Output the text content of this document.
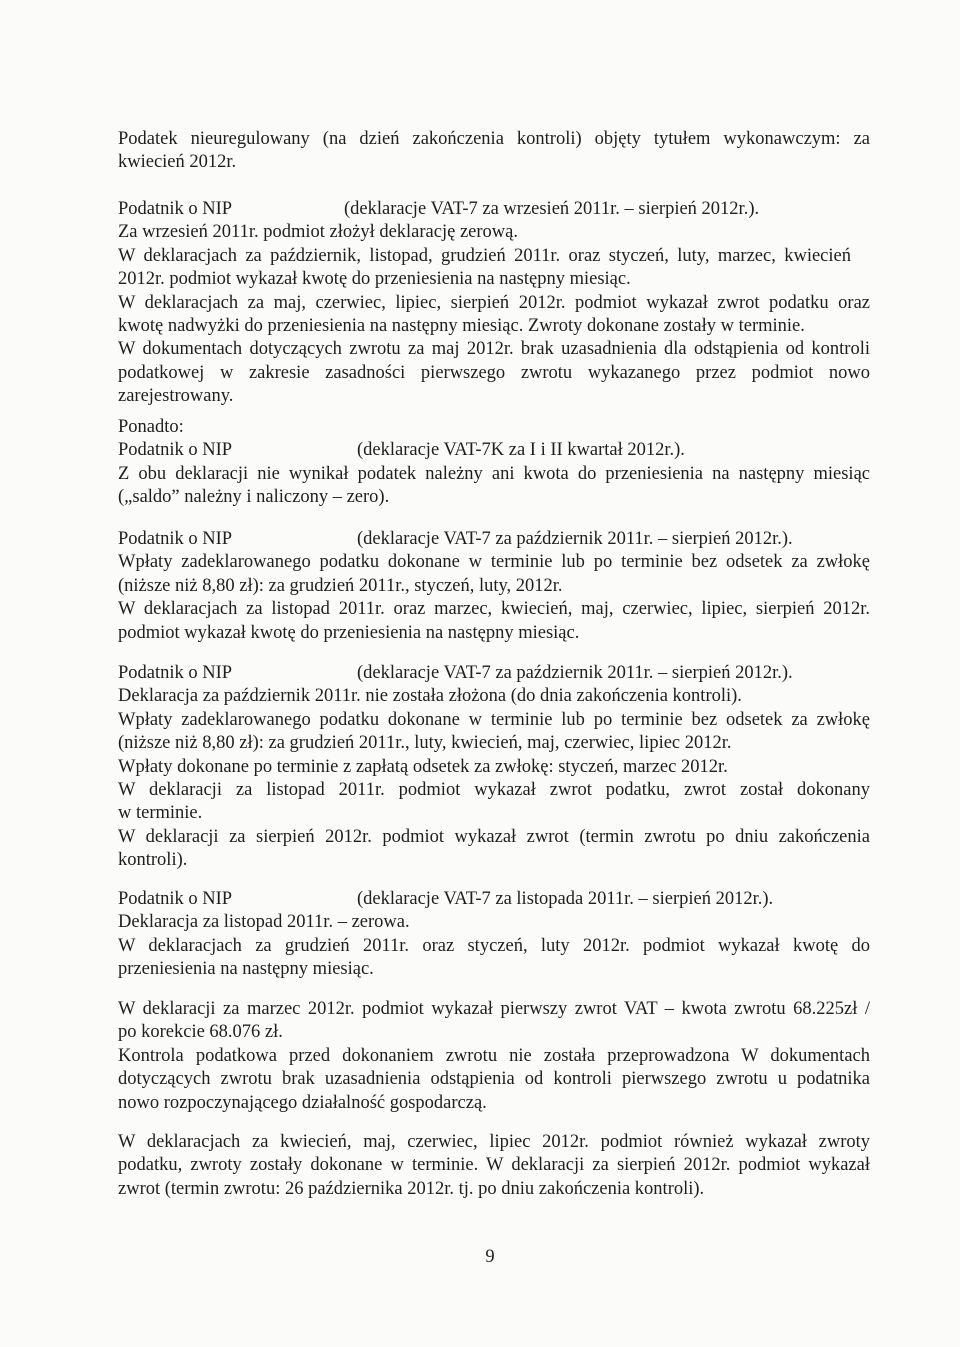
Podatek nieuregulowany (na dzień zakończenia kontroli) objęty tytułem wykonawczym: za
kwiecień 2012r.
Podatnik o NIP	(deklaracje VAT-7 za wrzesień 2011r. – sierpień 2012r.).
Za wrzesień 2011r. podmiot złożył deklarację zerową.
W deklaracjach za październik, listopad, grudzień 2011r. oraz styczeń, luty, marzec, kwiecień
2012r. podmiot wykazał kwotę do przeniesienia na następny miesiąc.
W deklaracjach za maj, czerwiec, lipiec, sierpień 2012r. podmiot wykazał zwrot podatku oraz
kwotę nadwyżki do przeniesienia na następny miesiąc. Zwroty dokonane zostały w terminie.
W dokumentach dotyczących zwrotu za maj 2012r. brak uzasadnienia dla odstąpienia od kontroli
podatkowej w zakresie zasadności pierwszego zwrotu wykazanego przez podmiot nowo
zarejestrowany.
Ponadto:
Podatnik o NIP	(deklaracje VAT-7K za I i II kwartał 2012r.).
Z obu deklaracji nie wynikał podatek należny ani kwota do przeniesienia na następny miesiąc
(„saldo” należny i naliczony – zero).
Podatnik o NIP	(deklaracje VAT-7 za październik 2011r. – sierpień 2012r.).
Wpłaty zadeklarowanego podatku dokonane w terminie lub po terminie bez odsetek za zwłokę
(niższe niż 8,80 zł): za grudzień 2011r., styczeń, luty, 2012r.
W deklaracjach za listopad 2011r. oraz marzec, kwiecień, maj, czerwiec, lipiec, sierpień 2012r.
podmiot wykazał kwotę do przeniesienia na następny miesiąc.
Podatnik o NIP	(deklaracje VAT-7 za październik 2011r. – sierpień 2012r.).
Deklaracja za październik 2011r. nie została złożona (do dnia zakończenia kontroli).
Wpłaty zadeklarowanego podatku dokonane w terminie lub po terminie bez odsetek za zwłokę
(niższe niż 8,80 zł): za grudzień 2011r., luty, kwiecień, maj, czerwiec, lipiec 2012r.
Wpłaty dokonane po terminie z zapłatą odsetek za zwłokę: styczeń, marzec 2012r.
W deklaracji za listopad 2011r. podmiot wykazał zwrot podatku, zwrot został dokonany
w terminie.
W deklaracji za sierpień 2012r. podmiot wykazał zwrot (termin zwrotu po dniu zakończenia
kontroli).
Podatnik o NIP	(deklaracje VAT-7 za listopada 2011r. – sierpień 2012r.).
Deklaracja za listopad 2011r. – zerowa.
W deklaracjach za grudzień 2011r. oraz styczeń, luty 2012r. podmiot wykazał kwotę do
przeniesienia na następny miesiąc.
W deklaracji za marzec 2012r. podmiot wykazał pierwszy zwrot VAT – kwota zwrotu 68.225zł /
po korekcie 68.076 zł.
Kontrola podatkowa przed dokonaniem zwrotu nie została przeprowadzona W dokumentach
dotyczących zwrotu brak uzasadnienia odstąpienia od kontroli pierwszego zwrotu u podatnika
nowo rozpoczynającego działalność gospodarczą.
W deklaracjach za kwiecień, maj, czerwiec, lipiec 2012r. podmiot również wykazał zwroty
podatku, zwroty zostały dokonane w terminie. W deklaracji za sierpień 2012r. podmiot wykazał
zwrot (termin zwrotu: 26 października 2012r. tj. po dniu zakończenia kontroli).
9
